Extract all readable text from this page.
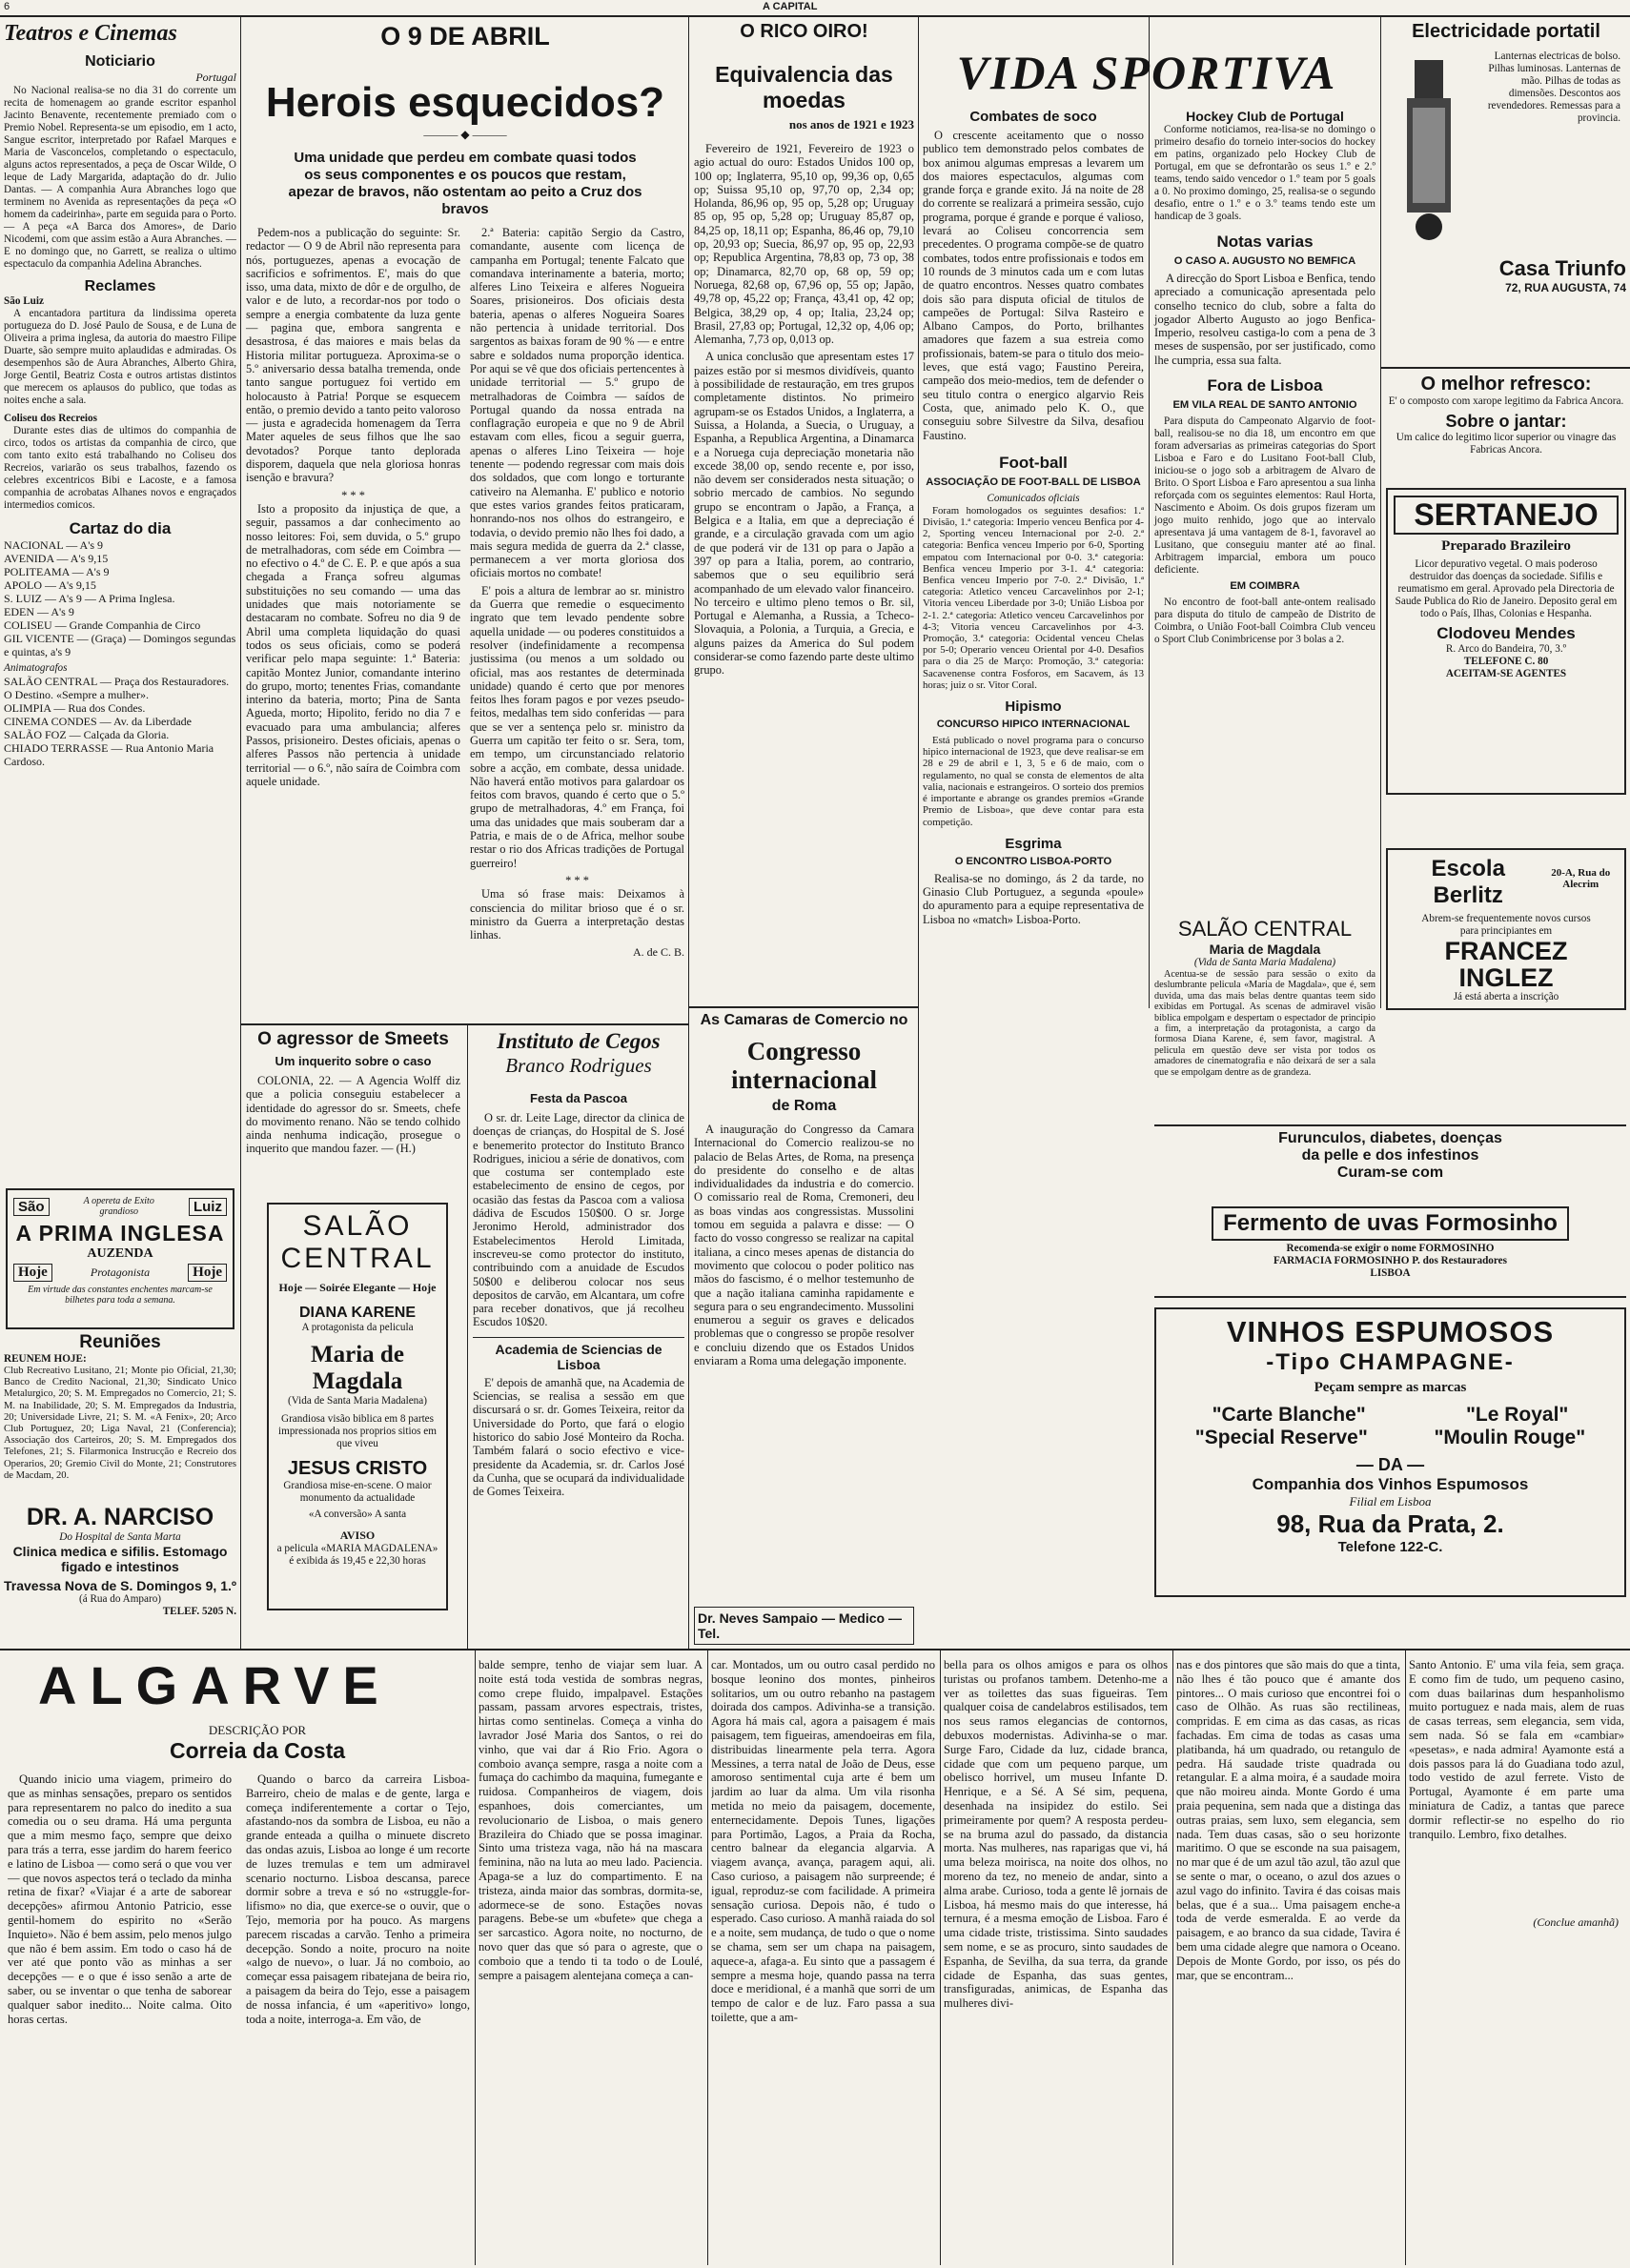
6	A CAPITAL
Teatros e Cinemas
Noticiario
Portugal
No Nacional realisa-se no dia 31 do corrente um recita de homenagem ao grande escritor espanhol Jacinto Benavente, recentemente premiado com o Premio Nobel. Representa-se um episodio, em 1 acto, Sangue escritor, interpretado por Rafael Marques e Maria de Vasconcelos, completando o espectaculo, alguns actos representados, a peça de Oscar Wilde, O leque de Lady Margarida, adaptação do dr. Julio Dantas. — A companhia Aura Abranches logo que terminem no Avenida as representações da peça «O homem da cadeirinha», parte em seguida para o Porto. — A peça «A Barca dos Amores», de Dario Nicodemi, com que assim estão a Aura Abranches. — E no domingo que, no Garrett, se realiza o ultimo espectaculo da companhia Adelina Abranches.
Reclames
São Luiz
A encantadora partitura da lindissima opereta portugueza do D. José Paulo de Sousa, e de Luna de Oliveira a prima inglesa, da autoria do maestro Filipe Duarte, são sempre muito aplaudidas e admiradas. Os desempenhos são de Aura Abranches, Alberto Ghira, Jorge Gentil, Beatriz Costa e outros artistas distintos que merecem os aplausos do publico, que todas as noites enche a sala.
Coliseu dos Recreios
Durante estes dias de ultimos do companhia de circo, todos os artistas da companhia de circo, que com tanto exito está trabalhando no Coliseu dos Recreios, variarão os seus trabalhos, fazendo os celebres excentricos Bibi e Lacoste, e a famosa companhia de acrobatas Alhanes novos e engraçados intermedios comicos.
Cartaz do dia
NACIONAL — A's 9
AVENIDA — A's 9,15
POLITEAMA — A's 9
APOLO — A's 9,15
S. LUIZ — A's 9 — A Prima Inglesa.
EDEN — A's 9
COLISEU — Grande Companhia de Circo
GIL VICENTE — (Graça) — Domingos segundas e quintas, a's 9
Animatografos
SALÃO CENTRAL — Praça dos Restauradores. O Destino. «Sempre a mulher».
OLIMPIA — Rua dos Condes.
CINEMA CONDES — Av. da Liberdade
SALÃO FOZ — Calçada da Gloria.
CHIADO TERRASSE — Rua Antonio Maria Cardoso.
São	A opereta de Exito grandioso	Luiz
A PRIMA INGLESA
AUZENDA
Hoje	Protagonista	Hoje
Em virtude das constantes enchentes marcam-se bilhetes para toda a semana.
Reuniões
REUNEM HOJE:
Club Recreativo Lusitano, 21; Monte pio Oficial, 21,30; Banco de Credito Nacional, 21,30; Sindicato Unico Metalurgico, 20; S. M. Empregados no Comercio, 21; S. M. na Inabilidade, 20; S. M. Empregados da Industria, 20; Universidade Livre, 21; S. M. «A Fenix», 20; Arco Club Portuguez, 20; Liga Naval, 21 (Conferencia); Associação dos Carteiros, 20; S. M. Empregados dos Telefones, 21; S. Filarmonica Instrucção e Recreio dos Operarios, 20; Gremio Civil do Monte, 21; Construtores de Macdam, 20.
DR. A. NARCISO
Do Hospital de Santa Marta
Clinica medica e sifilis. Estomago
figado e intestinos
Travessa Nova de S. Domingos 9, 1.º
(á Rua do Amparo)
TELEF. 5205 N.
O 9 DE ABRIL
Herois esquecidos?
——— ◆ ———
Uma unidade que perdeu em combate quasi todos os seus componentes e os poucos que restam, apezar de bravos, não ostentam ao peito a Cruz dos bravos

Pedem-nos a publicação do seguinte: Sr. redactor — O 9 de Abril não representa para nós, portuguezes, apenas a evocação de sacrificios e sofrimentos. E', mais do que isso, uma data, mixto de dôr e de orgulho, de valor e de luto, a recordar-nos por todo o sempre a energia combatente da luza gente — pagina que, embora sangrenta e desastrosa, é das maiores e mais belas da Historia militar portugueza. Aproxima-se o 5.º aniversario dessa batalha tremenda, onde tanto sangue portuguez foi vertido em holocausto à Patria! Porque se esquecem então, o premio devido a tanto peito valoroso — justa e agradecida homenagem da Terra Mater aqueles de seus filhos que lhe sao devotados? Porque tanto deplorada disporem, daquela que nela gloriosa honras isenção e bravura?

* * *

Isto a proposito da injustiça de que, a seguir, passamos a dar conhecimento ao nosso leitores: Foi, sem duvida, o 5.º grupo de metralhadoras, com séde em Coimbra — no efectivo o 4.º de C. E. P. e que após a sua chegada a França sofreu algumas substituições no seu comando — uma das unidades que mais notoriamente se destacaram no combate. Sofreu no dia 9 de Abril uma completa liquidação do quasi todos os seus oficiais, como se poderá verificar pelo mapa seguinte: 1.ª Bateria: capitão Montez Junior, comandante interino do grupo, morto; tenentes Frias, comandante interino da bateria, morto; Pina de Santa Agueda, morto; Hipolito, ferido no dia 7 e evacuado para uma ambulancia; alferes Passos, prisioneiro. Destes oficiais, apenas o alferes Passos não pertencia à unidade territorial — o 6.º, não saíra de Coimbra com aquele unidade.

2.ª Bateria: capitão Sergio da Castro, comandante, ausente com licença de campanha em Portugal; tenente Falcato que comandava interinamente a bateria, morto; alferes Lino Teixeira e alferes Nogueira Soares, prisioneiros. Dos oficiais desta bateria, apenas o alferes Nogueira Soares não pertencia à unidade territorial. Dos sargentos as baixas foram de 90 % — e entre sabre e soldados numa proporção identica. Por aqui se vê que dos oficiais pertencentes à unidade territorial — 5.º grupo de metralhadoras de Coimbra — saídos de Portugal quando da nossa entrada na conflagração europeia e que no 9 de Abril estavam com elles, ficou a seguir guerra, apenas o alferes Lino Teixeira — hoje tenente — podendo regressar com mais dois dos soldados, que com longo e torturante cativeiro na Alemanha. E' publico e notorio que estes varios grandes feitos praticaram, honrando-nos nos olhos do estrangeiro, e todavia, o devido premio não lhes foi dado, a mais segura medida de guerra da 2.ª classe, permanecem a ver morta gloriosa dos oficiais mortos no combate!

E' pois a altura de lembrar ao sr. ministro da Guerra que remedie o esquecimento ingrato que tem levado pendente sobre aquella unidade — ou poderes constituidos a resolver (indefinidamente a recompensa justissima (ou menos a um soldado ou oficial, mas aos restantes de determinada unidade) quando é certo que por menores feitos lhes foram pagos e por vezes pseudo-feitos, medalhas tem sido conferidas — para que se ver a sentença pelo sr. ministro da Guerra um capitão ter feito o sr. Sera, tom, em tempo, um circunstanciado relatorio sobre a acção, em combate, dessa unidade. Não haverá então motivos para galardoar os feitos com bravos, quando é certo que o 5.º grupo de metralhadoras, 4.º em França, foi uma das unidades que mais souberam dar a Patria, e mais de o de Africa, melhor soube restar o rio dos Africas tradições de Portugal guerreiro!

* * *

Uma só frase mais: Deixamos à consciencia do militar brioso que é o sr. ministro da Guerra a interpretação destas linhas.

A. de C. B.
O agressor de Smeets
Um inquerito sobre o caso
COLONIA, 22. — A Agencia Wolff diz que a policia conseguiu estabelecer a identidade do agressor do sr. Smeets, chefe do movimento renano. Não se tendo colhido ainda nenhuma indicação, prosegue o inquerito que mandou fazer. — (H.)
SALÃO
CENTRAL
Hoje — Soirée Elegante — Hoje
DIANA KARENE
A protagonista da pelicula
Maria de Magdala
(Vida de Santa Maria Madalena)
Grandiosa visão biblica em 8 partes impressionada nos proprios sitios em que viveu
JESUS CRISTO
Grandiosa mise-en-scene. O maior monumento da actualidade
«A conversão» A santa
AVISO
a pelicula «MARIA MAGDALENA» é exibida ás 19,45 e 22,30 horas
Instituto de Cegos
Branco Rodrigues
Festa da Pascoa
O sr. dr. Leite Lage, director da clinica de doenças de crianças, do Hospital de S. José e benemerito protector do Instituto Branco Rodrigues, iniciou a série de donativos, com que costuma ser contemplado este estabelecimento de ensino de cegos, por ocasião das festas da Pascoa com a valiosa dádiva de Escudos 150$00. O sr. Jorge Jeronimo Herold, administrador dos Estabelecimentos Herold Limitada, inscreveu-se como protector do instituto, contribuindo com a anuidade de Escudos 50$00 e deliberou colocar nos seus depositos de carvão, em Alcantara, um cofre para receber donativos, que já recolheu Escudos 10$20.
Academia de Sciencias de Lisboa
E' depois de amanhã que, na Academia de Sciencias, se realisa a sessão em que discursará o sr. dr. Gomes Teixeira, reitor da Universidade do Porto, que fará o elogio historico do sabio José Monteiro da Rocha. Também falará o socio efectivo e vice-presidente da Academia, sr. dr. Carlos José da Cunha, que se ocupará da individualidade de Gomes Teixeira.
O RICO OIRO!
Equivalencia das moedas
nos anos de 1921 e 1923
Fevereiro de 1921, Fevereiro de 1923 o agio actual do ouro: Estados Unidos 100 op, 100 op; Inglaterra, 95,10 op, 99,36 op, 0,65 op; Suissa 95,10 op, 97,70 op, 2,34 op; Holanda, 86,96 op, 95 op, 5,28 op; Uruguay 85 op, 95 op, 5,28 op; Uruguay 85,87 op, 84,25 op, 18,11 op; Espanha, 86,46 op, 79,10 op, 20,93 op; Suecia, 86,97 op, 95 op, 22,93 op; Republica Argentina, 78,83 op, 73 op, 38 op; Dinamarca, 82,70 op, 68 op, 59 op; Noruega, 82,68 op, 67,96 op, 55 op; Japão, 49,78 op, 45,22 op; França, 43,41 op, 42 op; Belgica, 38,29 op, 4 op; Italia, 23,24 op; Brasil, 27,83 op; Portugal, 12,32 op, 4,06 op; Alemanha, 7,73 op, 0,013 op.
A unica conclusão que apresentam estes 17 paizes estão por si mesmos dividíveis, quanto à possibilidade de restauração, em tres grupos completamente distintos. No primeiro agrupam-se os Estados Unidos, a Inglaterra, a Suissa, a Holanda, a Suecia, o Uruguay, a Espanha, a Republica Argentina, a Dinamarca e a Noruega cuja depreciação monetaria não excede 38,00 op, sendo recente e, por isso, não devem ser considerados nesta situação; o sobrio mercado de cambios. No segundo grupo se encontram o Japão, a França, a Belgica e a Italia, em que a depreciação é grande, e a circulação gravada com um agio de que poderá vir de 131 op para o Japão a 397 op para a Italia, porem, ao contrario, sabemos que o seu equilibrio será acompanhado de um elevado valor financeiro. No terceiro e ultimo pleno temos o Br. sil, Portugal e Alemanha, a Russia, a Tcheco-Slovaquia, a Polonia, a Turquia, a Grecia, e alguns paizes da America do Sul podem considerar-se como fazendo parte deste ultimo grupo.
As Camaras de Comercio no
Congresso internacional
de Roma
A inauguração do Congresso da Camara Internacional do Comercio realizou-se no palacio de Belas Artes, de Roma, na presença do presidente do conselho e de altas individualidades da industria e do comercio. O comissario real de Roma, Cremoneri, deu as boas vindas aos congressistas. Mussolini tomou em seguida a palavra e disse: — O facto do vosso congresso se realizar na capital italiana, a cinco meses apenas de distancia do movimento que colocou o poder politico nas mãos do fascismo, é o melhor testemunho de que a nação italiana caminha rapidamente e segura para o seu engrandecimento. Mussolini enumerou a seguir os graves e delicados problemas que o congresso se propõe resolver e concluiu dizendo que os Estados Unidos enviaram a Roma uma delegação imponente.
Dr. Neves Sampaio — Medico — Tel.
VIDA SPORTIVA
Combates de soco
O crescente aceitamento que o nosso publico tem demonstrado pelos combates de box animou algumas empresas a levarem um dos maiores espectaculos, algumas com grande força e grande exito. Já na noite de 28 do corrente se realizará a primeira sessão, cujo programa, porque é grande e porque é valioso, levará ao Coliseu concorrencia sem precedentes. O programa compõe-se de quatro combates, todos entre profissionais e todos em 10 rounds de 3 minutos cada um e com lutas de quatro encontros. Nesses quatro combates dois são para disputa oficial de titulos de campeões de Portugal: Silva Rasteiro e Albano Campos, do Porto, brilhantes amadores que fazem a sua estreia como profissionais, batem-se para o titulo dos meio-leves, que está vago; Faustino Pereira, campeão dos meio-medios, tem de defender o seu titulo contra o energico algarvio Reis Costa, que, animado pelo K. O., que conseguiu sobre Silvestre da Silva, desafiou Faustino.
Foot-ball
ASSOCIAÇÃO DE FOOT-BALL DE LISBOA
Comunicados oficiais
Foram homologados os seguintes desafios: 1.ª Divisão, 1.ª categoria: Imperio venceu Benfica por 4-2, Sporting venceu Internacional por 2-0. 2.ª categoria: Benfica venceu Imperio por 6-0, Sporting empatou com Internacional por 0-0. 3.ª categoria: Benfica venceu Imperio por 3-1. 4.ª categoria: Benfica venceu Imperio por 7-0. 2.ª Divisão, 1.ª categoria: Atletico venceu Carcavelinhos por 2-1; Vitoria venceu Liberdade por 3-0; União Lisboa por 2-1. 2.ª categoria: Atletico venceu Carcavelinhos por 4-3; Vitoria venceu Carcavelinhos por 4-3. Promoção, 3.ª categoria: Ocidental venceu Chelas por 5-0; Operario venceu Oriental por 4-0. Desafios para o dia 25 de Março: Promoção, 3.ª categoria: Sacavenense contra Fosforos, em Sacavem, ás 13 horas; juiz o sr. Vitor Coral.
Hipismo
CONCURSO HIPICO INTERNACIONAL
Está publicado o novel programa para o concurso hipico internacional de 1923, que deve realisar-se em 28 e 29 de abril e 1, 3, 5 e 6 de maio, com o regulamento, no qual se consta de elementos de alta valia, nacionais e estrangeiros. O sorteio dos premios é importante e abrange os grandes premios «Grande Premio de Lisboa», que deve contar para esta competição.
Esgrima
O ENCONTRO LISBOA-PORTO
Realisa-se no domingo, ás 2 da tarde, no Ginasio Club Portuguez, a segunda «poule» do apuramento para a equipe representativa de Lisboa no «match» Lisboa-Porto.
Hockey Club de Portugal
Conforme noticiamos, rea-lisa-se no domingo o primeiro desafio do torneio inter-socios do hockey em patins, organizado pelo Hockey Club de Portugal, em que se defrontarão os seus 1.º e 2.º teams, tendo saido vencedor o 1.º team por 5 goals a 0. No proximo domingo, 25, realisa-se o segundo desafio, entre o 1.º e o 3.º teams tendo este um handicap de 3 goals.
Notas varias
O CASO A. AUGUSTO NO BEMFICA
A direcção do Sport Lisboa e Benfica, tendo apreciado a comunicação apresentada pelo conselho tecnico do club, sobre a falta do jogador Alberto Augusto ao jogo Benfica-Imperio, resolveu castiga-lo com a pena de 3 meses de suspensão, por ser justificado, como lhe cumpria, essa sua falta.
Fora de Lisboa
EM VILA REAL DE SANTO ANTONIO
Para disputa do Campeonato Algarvio de foot-ball, realisou-se no dia 18, um encontro em que foram adversarias as primeiras categorias do Sport Lisboa e Faro e do Lusitano Foot-ball Club, iniciou-se o jogo sob a arbitragem de Alvaro de Brito. O Sport Lisboa e Faro apresentou a sua linha reforçada com os seguintes elementos: Raul Horta, Nascimento e Aboim. Os dois grupos fizeram um jogo muito renhido, jogo que ao intervalo apresentava já uma vantagem de 8-1, favoravel ao Lusitano, que conseguiu manter até ao final. Arbitragem imparcial, embora um pouco deficiente.
EM COIMBRA
No encontro de foot-ball ante-ontem realisado para disputa do titulo de campeão de Distrito de Coimbra, o União Foot-ball Coimbra Club venceu o Sport Club Conimbricense por 3 bolas a 2.
Electricidade portatil
Lanternas electricas de bolso. Pilhas luminosas. Lanternas de mão. Pilhas de todas as dimensões. Descontos aos revendedores. Remessas para a provincia.
Casa Triunfo
72, RUA AUGUSTA, 74
O melhor refresco:
E' o composto com xarope legitimo da Fabrica Ancora.
Sobre o jantar:
Um calice do legitimo licor superior ou vinagre das Fabricas Ancora.
SERTANEJO
Preparado Brazileiro
Licor depurativo vegetal. O mais poderoso destruidor das doenças da sociedade. Sifilis e reumatismo em geral. Aprovado pela Directoria de Saude Publica do Rio de Janeiro. Deposito geral em todo o País, Ilhas, Colonias e Hespanha.
Clodoveu Mendes
R. Arco do Bandeira, 70, 3.º
TELEFONE C. 80
ACEITAM-SE AGENTES
Escola Berlitz
20-A, Rua do Alecrim
Abrem-se frequentemente novos cursos
para principiantes em
FRANCEZ
INGLEZ
Já está aberta a inscrição
SALÃO CENTRAL
Maria de Magdala
(Vida de Santa Maria Madalena)
Acentua-se de sessão para sessão o exito da deslumbrante pelicula «Maria de Magdala», que é, sem duvida, uma das mais belas dentre quantas teem sido exibidas em Portugal. As scenas de admiravel visão biblica empolgam e despertam o espectador de principio a fim, a interpretação da protagonista, a cargo da formosa Diana Karene, é, sem favor, magistral. A pelicula em questão deve ser vista por todos os amadores de cinematografia e não deixará de ser a sala que se empolgam dentre as de grandeza.
Furunculos, diabetes, doenças
da pelle e dos infestinos
Curam-se com
Fermento de uvas Formosinho
Recomenda-se exigir o nome FORMOSINHO
FARMACIA FORMOSINHO P. dos Restauradores
LISBOA
VINHOS ESPUMOSOS
-Tipo CHAMPAGNE-
Peçam sempre as marcas
"Carte Blanche"	"Le Royal"
"Special Reserve"	"Moulin Rouge"
— DA —
Companhia dos Vinhos Espumosos
Filial em Lisboa
98, Rua da Prata, 2.
Telefone 122-C.
ALGARVE
DESCRIÇÃO POR
Correia da Costa
Quando inicio uma viagem, primeiro do que as minhas sensações, preparo os sentidos para representarem no palco do inedito a sua comedia ou o seu drama. Há uma pergunta que a mim mesmo faço, sempre que deixo para trás a terra, esse jardim do harem feerico e latino de Lisboa — como será o que vou ver — que novos aspectos terá o teclado da minha retina de fixar? «Viajar é a arte de saborear decepções» afirmou Antonio Patricio, esse gentil-homem do espirito no «Serão Inquieto». Não é bem assim, pelo menos julgo que não é bem assim. Em todo o caso há de ver até que ponto vão as minhas a ser decepções — e o que é isso senão a arte de saber, ou se inventar o que tenha de saborear qualquer sabor inedito... Noite calma. Oito horas certas.
Quando o barco da carreira Lisboa-Barreiro, cheio de malas e de gente, larga e começa indiferentemente a cortar o Tejo, afastando-nos da sombra de Lisboa, eu não a grande enteada a quilha o minuete discreto das ondas azuis, Lisboa ao longe é um recorte de luzes tremulas e tem um admiravel scenario nocturno. Lisboa descansa, parece dormir sobre a treva e só no «struggle-for-lifismo» no dia, que exerce-se o ouvir, que o Tejo, memoria por ha pouco. As margens parecem riscadas a carvão. Tenho a primeira decepção. Sondo a noite, procuro na noite «algo de nuevo», o luar. Já no comboio, ao começar essa paisagem ribatejana de beira rio, a paisagem da beira do Tejo, esse a paisagem de nossa infancia, é um «aperitivo» longo, toda a noite, interroga-a. Em vão, de
balde sempre, tenho de viajar sem luar. A noite está toda vestida de sombras negras, como crepe fluido, impalpavel. Estações passam, passam arvores espectrais, tristes, hirtas como sentinelas. Começa a vinha do lavrador José Maria dos Santos, o rei do vinho, que vai dar á Rio Frio. Agora o comboio avança sempre, rasga a noite com a fumaça do cachimbo da maquina, fumegante e ruidosa. Companheiros de viagem, dois espanhoes, dois comerciantes, um revolucionario de Lisboa, o mais genero Brazileira do Chiado que se possa imaginar. Sinto uma tristeza vaga, não há na mascara feminina, não na luta ao meu lado. Paciencia. Apaga-se a luz do compartimento. E na tristeza, ainda maior das sombras, dormita-se, adormece-se de sono. Estações novas paragens. Bebe-se um «bufete» que chega a ser sarcastico. Agora noite, no nocturno, de novo quer das que só para o agreste, que o comboio que a tendo ti ta todo o de Loulé, sempre a paisagem alentejana começa a can-
car. Montados, um ou outro casal perdido no bosque leonino dos montes, pinheiros solitarios, um ou outro rebanho na pastagem doirada dos campos. Adivinha-se a transição. Agora há mais cal, agora a paisagem é mais paisagem, tem figueiras, amendoeiras em fila, distribuidas linearmente pela terra. Agora Messines, a terra natal de João de Deus, esse amoroso sentimental cuja arte é bem um jardim ao luar da alma. Um vila risonha metida no meio da paisagem, docemente, enternecidamente. Depois Tunes, ligações para Portimão, Lagos, a Praia da Rocha, centro balnear da elegancia algarvia. A viagem avança, avança, paragem aqui, ali. Caso curioso, a paisagem não surpreende; é igual, reproduz-se com facilidade. A primeira sensação curiosa. Depois não, é tudo o esperado. Caso curioso. A manhã raiada do sol e a noite, sem mudança, de tudo o que o nome se chama, sem ser um chapa na paisagem, aquece-a, afaga-a. Eu sinto que a passagem é sempre a mesma hoje, quando passa na terra doce e meridional, é a manhã que sorri de um tempo de calor e de luz. Faro passa a sua toilette, que a am-
bella para os olhos amigos e para os olhos turistas ou profanos tambem. Detenho-me a ver as toilettes das suas figueiras. Tem qualquer coisa de candelabros estilisados, tem nos seus ramos elegancias de contornos, debuxos modernistas. Adivinha-se o mar. Surge Faro, Cidade da luz, cidade branca, cidade que com um pequeno parque, um obelisco horrivel, um museu Infante D. Henrique, e a Sé. A Sé sim, pequena, desenhada na insipidez do estilo. Sei primeiramente por quem? A resposta perdeu-se na bruma azul do passado, da distancia morta. Nas mulheres, nas raparigas que vi, há uma beleza moirisca, na noite dos olhos, no moreno da tez, no meneio de andar, sinto a alma arabe. Curioso, toda a gente lê jornais de Lisboa, há mesmo mais do que interesse, há ternura, é a mesma emoção de Lisboa. Faro é uma cidade triste, tristissima. Sinto saudades sem nome, e se as procuro, sinto saudades de Espanha, de Sevilha, da sua terra, da grande cidade de Espanha, das suas gentes, transfiguradas, animicas, de Espanha das mulheres divi-
nas e dos pintores que são mais do que a tinta, não lhes é tão pouco que é amante dos pintores... O mais curioso que encontrei foi o caso de Olhão. As ruas são rectilineas, compridas. E em cima as das casas, as ricas fachadas. Em cima de todas as casas uma platibanda, há um quadrado, ou retangulo de pedra. Há saudade triste quadrada ou retangular. E a alma moira, é a saudade moira que não moireu ainda. Monte Gordo é uma praia pequenina, sem nada que a distinga das outras praias, sem luxo, sem elegancia, sem nada. Tem duas casas, são o seu horizonte maritimo. O que se esconde na sua paisagem, no mar que é de um azul tão azul, tão azul que se sente o mar, o oceano, o azul dos azues o azul vago do infinito. Tavira é das coisas mais belas, que é a sua... Uma paisagem enche-a toda de verde esmeralda. E ao verde da paisagem, e ao branco da sua cidade, Tavira é bem uma cidade alegre que namora o Oceano. Depois de Monte Gordo, por isso, os pés do mar, que se encontram...
Santo Antonio. E' uma vila feia, sem graça. E como fim de tudo, um pequeno casino, com duas bailarinas dum hespanholismo muito portuguez e nada mais, alem de ruas de casas terreas, sem elegancia, sem vida, sem nada. Só se fala em «cambiar» «pesetas», e nada admira! Ayamonte está a dois passos para lá do Guadiana todo azul, todo vestido de azul ferrete. Visto de Portugal, Ayamonte é em parte uma miniatura de Cadiz, a tantas que parece dormir reflectir-se no espelho do rio tranquilo. Lembro, fixo detalhes.
(Conclue amanhã)
